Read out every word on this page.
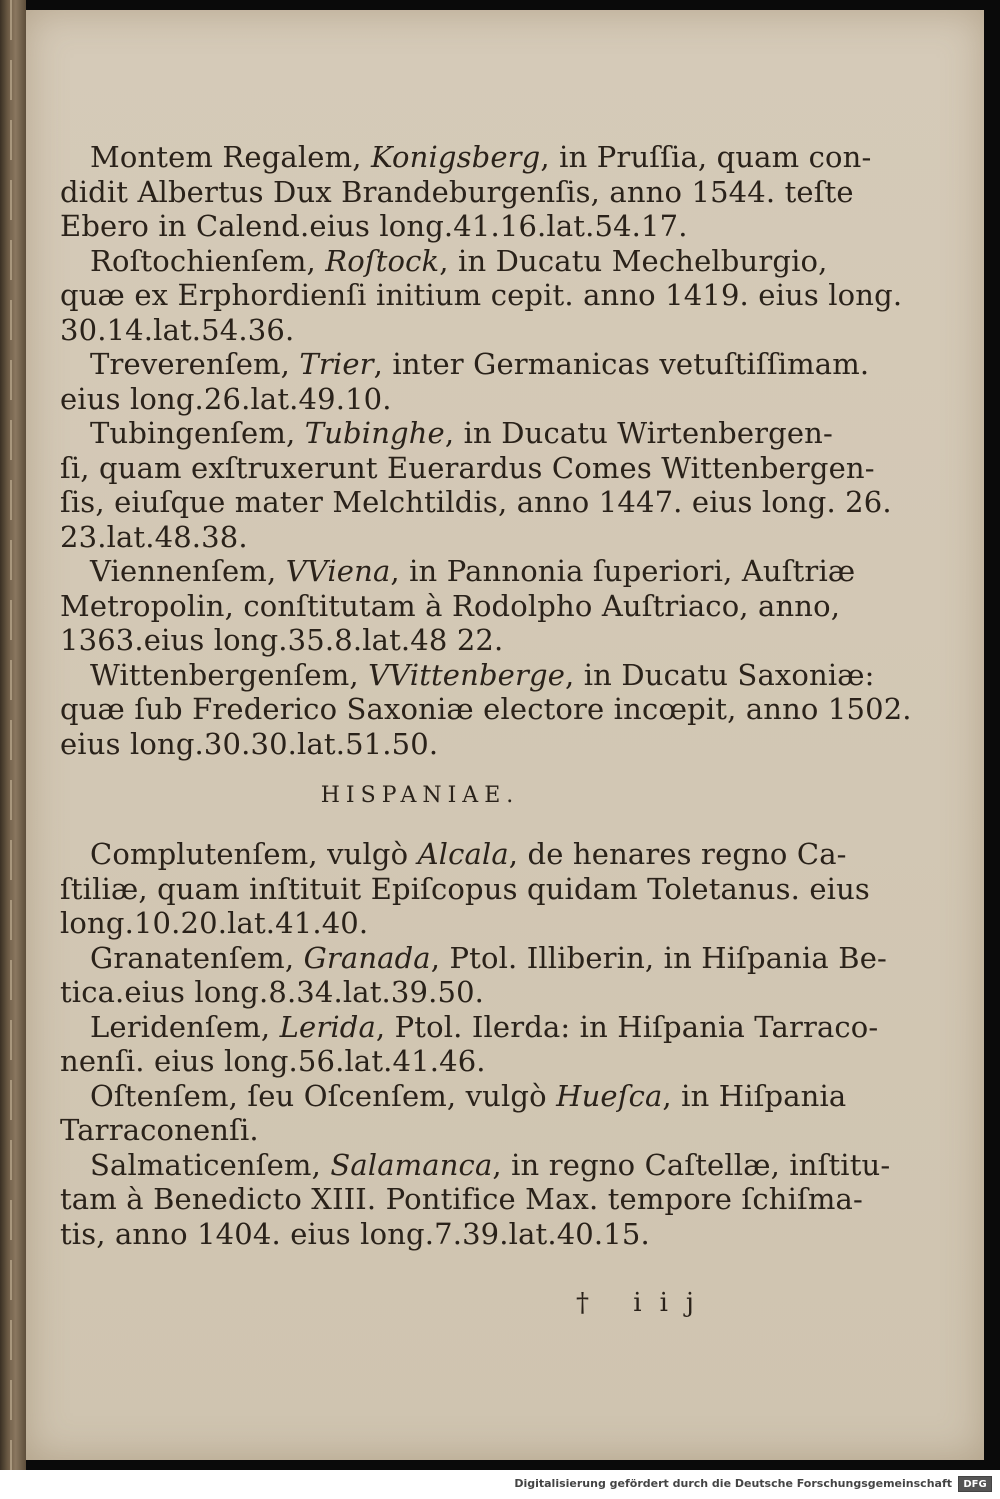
Montem Regalem, Konigsberg, in Pruſſia, quam con-
didit Albertus Dux Brandeburgenſis, anno 1544. teſte
Ebero in Calend.eius long.41.16.lat.54.17.
Roſtochienſem, Roſtock, in Ducatu Mechelburgio,
quæ ex Erphordienſi initium cepit. anno 1419. eius long.
30.14.lat.54.36.
Treverenſem, Trier, inter Germanicas vetuſtiſſimam.
eius long.26.lat.49.10.
Tubingenſem, Tubinghe, in Ducatu Wirtenbergen-
ſi, quam exſtruxerunt Euerardus Comes Wittenbergen-
ſis, eiuſque mater Melchtildis, anno 1447. eius long. 26.
23.lat.48.38.
Viennenſem, VViena, in Pannonia ſuperiori, Auſtriæ
Metropolin, conſtitutam à Rodolpho Auſtriaco, anno,
1363.eius long.35.8.lat.48 22.
Wittenbergenſem, VVittenberge, in Ducatu Saxoniæ:
quæ ſub Frederico Saxoniæ electore incœpit, anno 1502.
eius long.30.30.lat.51.50.
HISPANIAE.
Complutenſem, vulgò Alcala, de henares regno Ca-
ſtiliæ, quam inſtituit Epiſcopus quidam Toletanus. eius
long.10.20.lat.41.40.
Granatenſem, Granada, Ptol. Illiberin, in Hiſpania Be-
tica.eius long.8.34.lat.39.50.
Leridenſem, Lerida, Ptol. Ilerda: in Hiſpania Tarraco-
nenſi. eius long.56.lat.41.46.
Oſtenſem, ſeu Oſcenſem, vulgò Hueſca, in Hiſpania
Tarraconenſi.
Salmaticenſem, Salamanca, in regno Caſtellæ, inſtitu-
tam à Benedicto XIII. Pontifice Max. tempore ſchiſma-
tis, anno 1404. eius long.7.39.lat.40.15.
† iij
Digitalisierung gefördert durch die Deutsche Forschungsgemeinschaft	DFG
